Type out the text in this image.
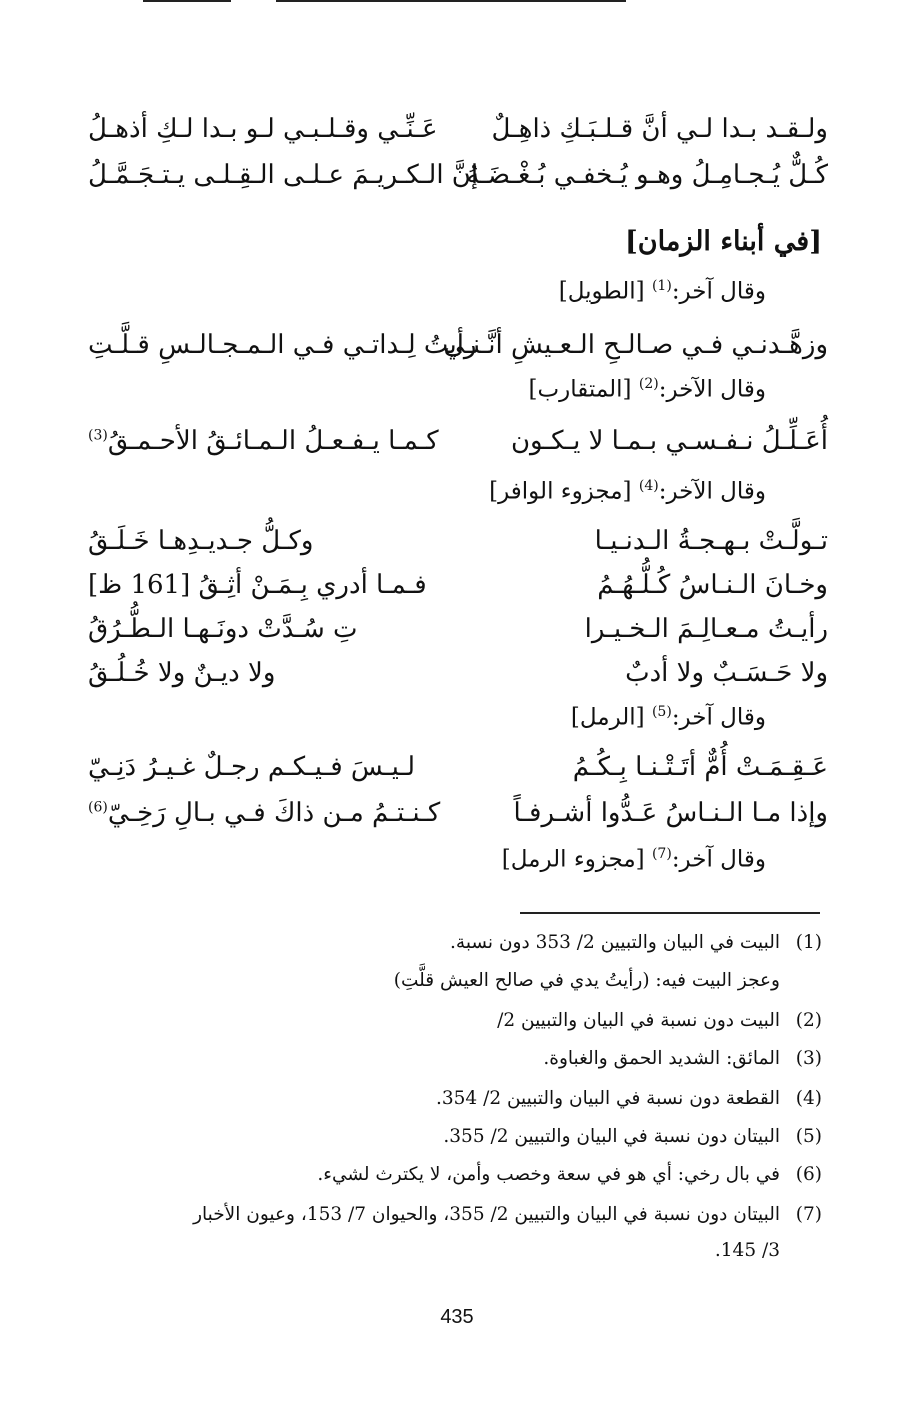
ولـقـد بـدا لـي أنَّ قـلـبَـكِ ذاهِـلٌ
عَـنِّـي وقـلـبـي لـو بـدا لـكِ أذهـلُ
كُـلٌّ يُـجـامِـلُ وهـو يُـخفـي بُـغْـضَـهُ
إنَّ الـكـريـمَ عـلـى الـقِـلـى يـتـجَـمَّـلُ
[في أبناء الزمان]
وقال آخر:$^{(1)}$ [الطويل]
وزهَّـدنـي فـي صـالـحِ الـعـيشِ أنَّـنـي
رأيتُ لِـداتـي فـي الـمـجـالـسِ قـلَّـتِ
وقال الآخر:$^{(2)}$ [المتقارب]
أُعَـلِّـلُ نـفـسـي بـمـا لا يـكـون
كـمـا يـفـعـلُ الـمـائـقُ الأحـمـقُ$^{(3)}$
وقال الآخر:$^{(4)}$ [مجزوء الوافر]
تـولَّـتْ بـهـجـةُ الـدنـيـا
وكـلُّ جـديـدِهـا خَـلَـقُ
وخـانَ الـنـاسُ كُـلُّـهُـمُ
فـمـا أدري بِـمَـنْ أثِـقُ [161 ظ]
رأيـتُ مـعـالِـمَ الـخـيـرا
تِ سُـدَّتْ دونَـهـا الـطُّـرُقُ
ولا حَـسَـبٌ ولا أدبٌ
ولا ديـنٌ ولا خُـلُـقُ
وقال آخر:$^{(5)}$ [الرمل]
عَـقِـمَـتْ أُمٌّ أتَـتْـنـا بِـكُـمُ
لـيـسَ فـيـكـم رجـلٌ غـيـرُ دَنِـيّ
وإذا مـا الـنـاسُ عَـدُّوا أشـرفـاً
كـنـتـمُ مـن ذاكَ فـي بـالِ رَخِـيّ$^{(6)}$
وقال آخر:$^{(7)}$ [مجزوء الرمل]
(1)البيت في البيان والتبيين 2/ 353 دون نسبة.
وعجز البيت فيه: (رأيتُ يدي في صالح العيش قلَّتِ)
(2)البيت دون نسبة في البيان والتبيين 2/
(3)المائق: الشديد الحمق والغباوة.
(4)القطعة دون نسبة في البيان والتبيين 2/ 354.
(5)البيتان دون نسبة في البيان والتبيين 2/ 355.
(6)في بال رخي: أي هو في سعة وخصب وأمن، لا يكترث لشيء.
(7)البيتان دون نسبة في البيان والتبيين 2/ 355، والحيوان 7/ 153، وعيون الأخبار
3/ 145.
435
